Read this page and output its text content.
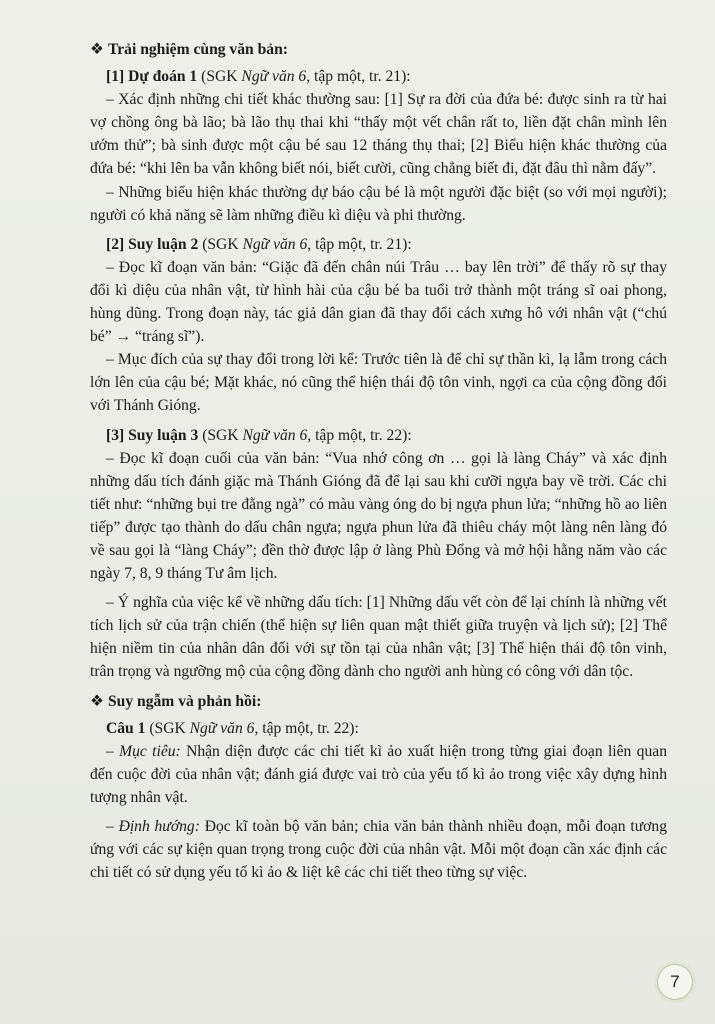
❖ Trải nghiệm cùng văn bản:

[1] Dự đoán 1 (SGK Ngữ văn 6, tập một, tr. 21):

– Xác định những chi tiết khác thường sau: [1] Sự ra đời của đứa bé: được sinh ra từ hai vợ chồng ông bà lão; bà lão thụ thai khi “thấy một vết chân rất to, liền đặt chân mình lên ướm thử”; bà sinh được một cậu bé sau 12 tháng thụ thai; [2] Biểu hiện khác thường của đứa bé: “khi lên ba vẫn không biết nói, biết cười, cũng chẳng biết đi, đặt đâu thì nằm đấy”.

– Những biểu hiện khác thường dự báo cậu bé là một người đặc biệt (so với mọi người); người có khả năng sẽ làm những điều kì diệu và phi thường.

[2] Suy luận 2 (SGK Ngữ văn 6, tập một, tr. 21):

– Đọc kĩ đoạn văn bản: “Giặc đã đến chân núi Trâu … bay lên trời” để thấy rõ sự thay đổi kì diệu của nhân vật, từ hình hài của cậu bé ba tuổi trở thành một tráng sĩ oai phong, hùng dũng. Trong đoạn này, tác giả dân gian đã thay đổi cách xưng hô với nhân vật (“chú bé” → “tráng sĩ”).

– Mục đích của sự thay đổi trong lời kể: Trước tiên là để chỉ sự thần kì, lạ lẫm trong cách lớn lên của cậu bé; Mặt khác, nó cũng thể hiện thái độ tôn vinh, ngợi ca của cộng đồng đối với Thánh Gióng.

[3] Suy luận 3 (SGK Ngữ văn 6, tập một, tr. 22):

– Đọc kĩ đoạn cuối của văn bản: “Vua nhớ công ơn … gọi là làng Cháy” và xác định những dấu tích đánh giặc mà Thánh Gióng đã để lại sau khi cưỡi ngựa bay về trời. Các chi tiết như: “những bụi tre đằng ngà” có màu vàng óng do bị ngựa phun lửa; “những hồ ao liên tiếp” được tạo thành do dấu chân ngựa; ngựa phun lửa đã thiêu cháy một làng nên làng đó về sau gọi là “làng Cháy”; đền thờ được lập ở làng Phù Đổng và mở hội hằng năm vào các ngày 7, 8, 9 tháng Tư âm lịch.

– Ý nghĩa của việc kể về những dấu tích: [1] Những dấu vết còn để lại chính là những vết tích lịch sử của trận chiến (thể hiện sự liên quan mật thiết giữa truyện và lịch sử); [2] Thể hiện niềm tin của nhân dân đối với sự tồn tại của nhân vật; [3] Thể hiện thái độ tôn vinh, trân trọng và ngưỡng mộ của cộng đồng dành cho người anh hùng có công với dân tộc.

❖ Suy ngẫm và phản hồi:

Câu 1 (SGK Ngữ văn 6, tập một, tr. 22):

– Mục tiêu: Nhận diện được các chi tiết kì ảo xuất hiện trong từng giai đoạn liên quan đến cuộc đời của nhân vật; đánh giá được vai trò của yếu tố kì ảo trong việc xây dựng hình tượng nhân vật.

– Định hướng: Đọc kĩ toàn bộ văn bản; chia văn bản thành nhiều đoạn, mỗi đoạn tương ứng với các sự kiện quan trọng trong cuộc đời của nhân vật. Mỗi một đoạn cần xác định các chi tiết có sử dụng yếu tố kì ảo & liệt kê các chi tiết theo từng sự việc.

7
